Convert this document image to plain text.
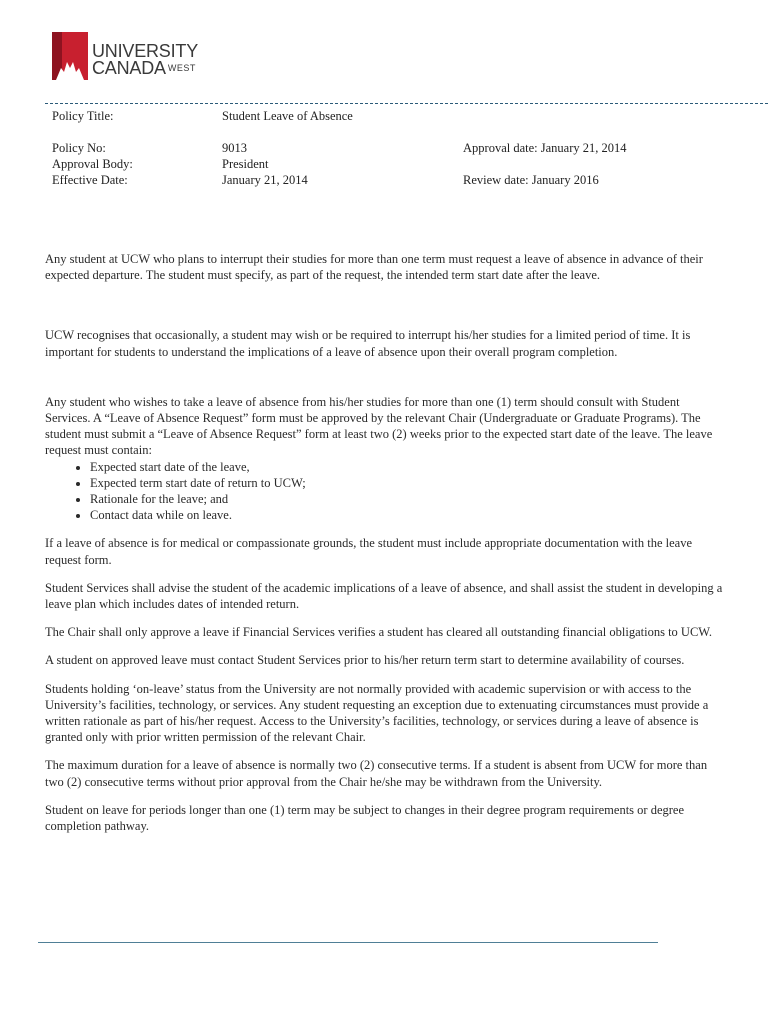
UNIVERSITY
CANADA $^{WEST}$
Policy Title:	Student Leave of Absence
Policy No:	9013	Approval date: January 21, 2014
Approval Body:	President
Effective Date:	January 21, 2014	Review date: January 2016

Any student at UCW who plans to interrupt their studies for more than one term must request a leave of absence in advance of their expected departure. The student must specify, as part of the request, the intended term start date after the leave.

UCW recognises that occasionally, a student may wish or be required to interrupt his/her studies for a limited period of time. It is important for students to understand the implications of a leave of absence upon their overall program completion.

Any student who wishes to take a leave of absence from his/her studies for more than one (1) term should consult with Student Services. A “Leave of Absence Request” form must be approved by the relevant Chair (Undergraduate or Graduate Programs). The student must submit a “Leave of Absence Request” form at least two (2) weeks prior to the expected start date of the leave. The leave request must contain:

• Expected start date of the leave,
• Expected term start date of return to UCW;
• Rationale for the leave; and
• Contact data while on leave.

If a leave of absence is for medical or compassionate grounds, the student must include appropriate documentation with the leave request form.

Student Services shall advise the student of the academic implications of a leave of absence, and shall assist the student in developing a leave plan which includes dates of intended return.

The Chair shall only approve a leave if Financial Services verifies a student has cleared all outstanding financial obligations to UCW.

A student on approved leave must contact Student Services prior to his/her return term start to determine availability of courses.

Students holding ‘on-leave’ status from the University are not normally provided with academic supervision or with access to the University’s facilities, technology, or services. Any student requesting an exception due to extenuating circumstances must provide a written rationale as part of his/her request. Access to the University’s facilities, technology, or services during a leave of absence is granted only with prior written permission of the relevant Chair.

The maximum duration for a leave of absence is normally two (2) consecutive terms. If a student is absent from UCW for more than two (2) consecutive terms without prior approval from the Chair he/she may be withdrawn from the University.

Student on leave for periods longer than one (1) term may be subject to changes in their degree program requirements or degree completion pathway.
